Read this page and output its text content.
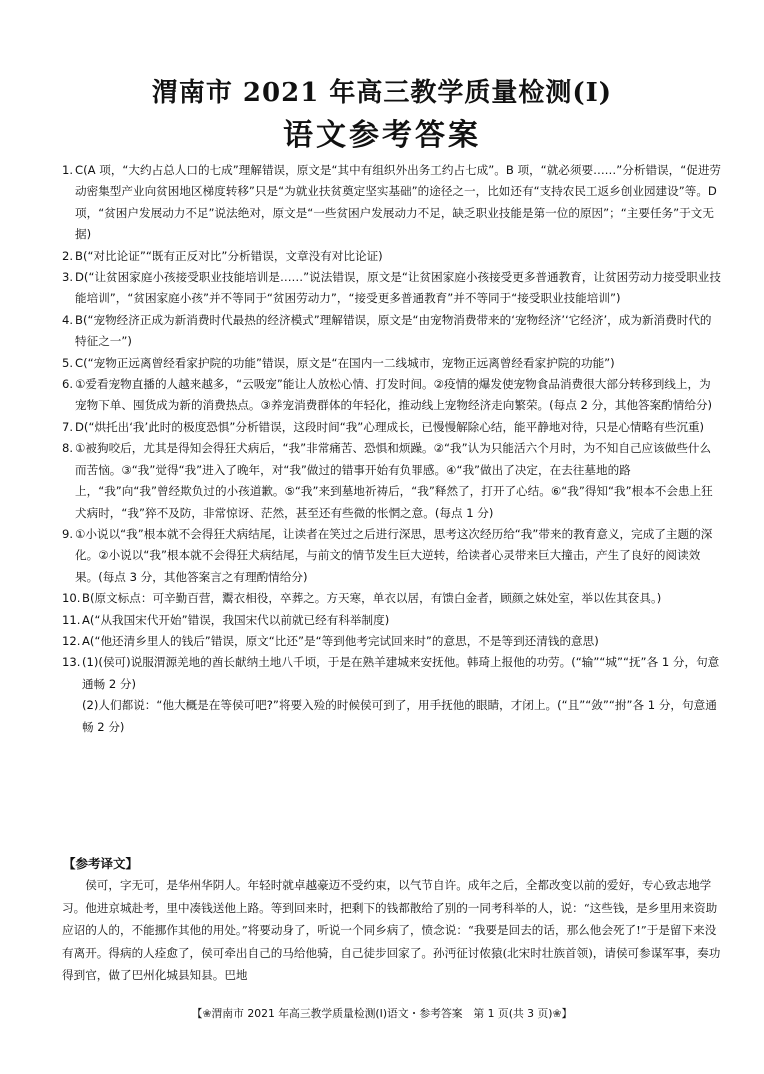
渭南市 2021 年高三教学质量检测(Ⅰ)
语文参考答案
1. C(A 项，“大约占总人口的七成”理解错误，原文是“其中有组织外出务工约占七成”。B 项，“就必须要……”分析错误，“促进劳动密集型产业向贫困地区梯度转移”只是“为就业扶贫奠定坚实基础”的途径之一，比如还有“支持农民工返乡创业园建设”等。D 项，“贫困户发展动力不足”说法绝对，原文是“一些贫困户发展动力不足，缺乏职业技能是第一位的原因”；“主要任务”于文无据)
2. B(“对比论证”“既有正反对比”分析错误，文章没有对比论证)
3. D(“让贫困家庭小孩接受职业技能培训是……”说法错误，原文是“让贫困家庭小孩接受更多普通教育，让贫困劳动力接受职业技能培训”，“贫困家庭小孩”并不等同于“贫困劳动力”，“接受更多普通教育”并不等同于“接受职业技能培训”)
4. B(“宠物经济正成为新消费时代最热的经济模式”理解错误，原文是“由宠物消费带来的‘宠物经济’‘它经济’，成为新消费时代的特征之一”)
5. C(“宠物正远离曾经看家护院的功能”错误，原文是“在国内一二线城市，宠物正远离曾经看家护院的功能”)
6. ①爱看宠物直播的人越来越多，“云吸宠”能让人放松心情、打发时间。②疫情的爆发使宠物食品消费很大部分转移到线上，为宠物下单、囤货成为新的消费热点。③养宠消费群体的年轻化，推动线上宠物经济走向繁荣。(每点 2 分，其他答案酌情给分)
7. D(“烘托出‘我’此时的极度恐惧”分析错误，这段时间“我”心理成长，已慢慢解除心结，能平静地对待，只是心情略有些沉重)
8. ①被狗咬后，尤其是得知会得狂犬病后，“我”非常痛苦、恐惧和烦躁。②“我”认为只能活六个月时，为不知自己应该做些什么而苦恼。③“我”觉得“我”进入了晚年，对“我”做过的错事开始有负罪感。④“我”做出了决定，在去往墓地的路上，“我”向“我”曾经欺负过的小孩道歉。⑤“我”来到墓地祈祷后，“我”释然了，打开了心结。⑥“我”得知“我”根本不会患上狂犬病时，“我”猝不及防，非常惊讶、茫然，甚至还有些微的怅惘之意。(每点 1 分)
9. ①小说以“我”根本就不会得狂犬病结尾，让读者在笑过之后进行深思，思考这次经历给“我”带来的教育意义，完成了主题的深化。②小说以“我”根本就不会得狂犬病结尾，与前文的情节发生巨大逆转，给读者心灵带来巨大撞击，产生了良好的阅读效果。(每点 3 分，其他答案言之有理酌情给分)
10. B(原文标点：可辛勤百营，鬻衣相役，卒葬之。方天寒，单衣以居，有馈白金者，顾颜之妹处室，举以佐其奁具。)
11. A(“从我国宋代开始”错误，我国宋代以前就已经有科举制度)
12. A(“他还清乡里人的钱后”错误，原文“比还”是“等到他考完试回来时”的意思，不是等到还清钱的意思)
13. (1)(侯可)说服渭源羌地的酋长献纳土地八千顷，于是在熟羊建城来安抚他。韩琦上报他的功劳。(“输”“城”“抚”各 1 分，句意通畅 2 分)
(2)人们都说：“他大概是在等侯可吧?”将要入殓的时候侯可到了，用手抚他的眼睛，才闭上。(“且”“敛”“拊”各 1 分，句意通畅 2 分)
【参考译文】
侯可，字无可，是华州华阴人。年轻时就卓越豪迈不受约束，以气节自许。成年之后，全都改变以前的爱好，专心致志地学习。他进京城赴考，里中凑钱送他上路。等到回来时，把剩下的钱都散给了别的一同考科举的人，说：“这些钱，是乡里用来资助应诏的人的，不能挪作其他的用处。”将要动身了，听说一个同乡病了，愤念说：“我要是回去的话，那么他会死了!”于是留下来没有离开。得病的人痊愈了，侯可牵出自己的马给他骑，自己徒步回家了。孙沔征讨侬猿(北宋时壮族首领)，请侯可参谋军事，奏功得到官，做了巴州化城县知县。巴地
【❀渭南市 2021 年高三教学质量检测(Ⅰ)语文・参考答案　第 1 页(共 3 页)❀】
